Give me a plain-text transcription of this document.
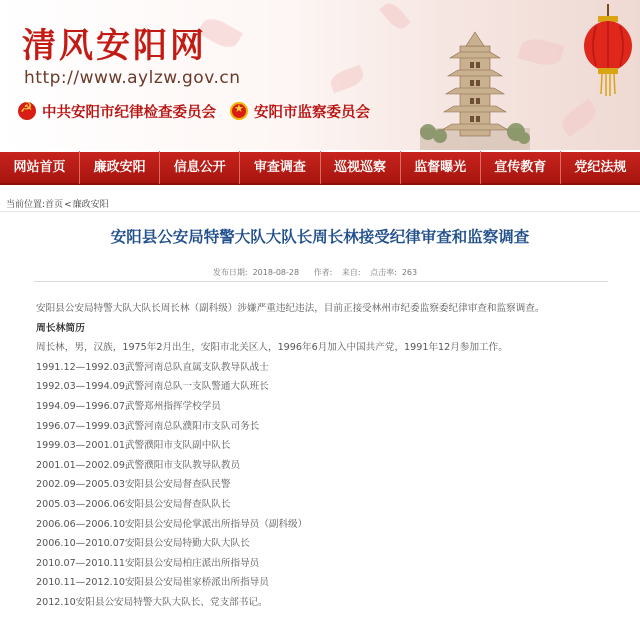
清风安阳网
http://www.aylzw.gov.cn
☭
中共安阳市纪律检查委员会
★	安阳市监察委员会
网站首页	廉政安阳	信息公开	审查调查	巡视巡察	监督曝光	宣传教育	党纪法规
当前位置:首页<廉政安阳
安阳县公安局特警大队大队长周长林接受纪律审查和监察调查
发布日期: 2018-08-28 作者: 来自: 点击率: 263
安阳县公安局特警大队大队长周长林（副科级）涉嫌严重违纪违法，目前正接受林州市纪委监察委纪律审查和监察调查。
周长林简历
周长林，男，汉族，1975年2月出生，安阳市北关区人，1996年6月加入中国共产党，1991年12月参加工作。
1991.12—1992.03武警河南总队直属支队教导队战士
1992.03—1994.09武警河南总队一支队警通大队班长
1994.09—1996.07武警郑州指挥学校学员
1996.07—1999.03武警河南总队濮阳市支队司务长
1999.03—2001.01武警濮阳市支队副中队长
2001.01—2002.09武警濮阳市支队教导队教员
2002.09—2005.03安阳县公安局督查队民警
2005.03—2006.06安阳县公安局督查队队长
2006.06—2006.10安阳县公安局伦掌派出所指导员（副科级）
2006.10—2010.07安阳县公安局特勤大队大队长
2010.07—2010.11安阳县公安局柏庄派出所指导员
2010.11—2012.10安阳县公安局崔家桥派出所指导员
2012.10安阳县公安局特警大队大队长、党支部书记。
